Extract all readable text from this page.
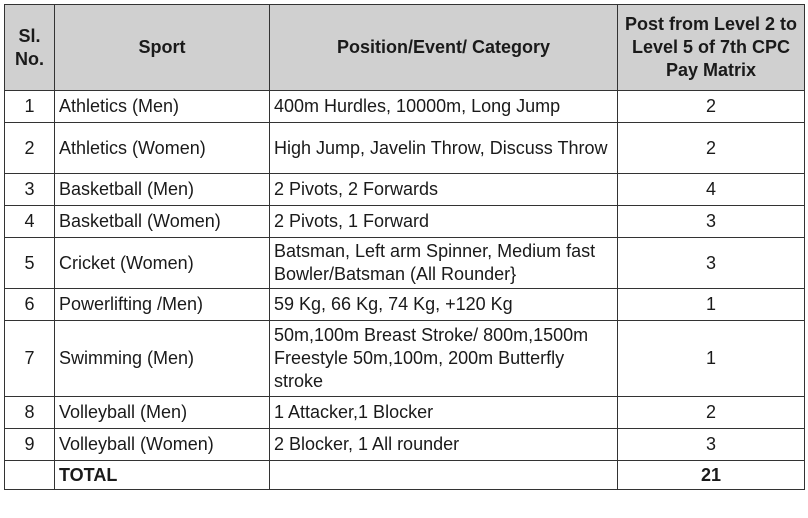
Sl. No.	Sport	Position/Event/ Category	Post from Level 2 to Level 5 of 7th CPC Pay Matrix
1	Athletics (Men)	400m Hurdles, 10000m, Long Jump	2
2	Athletics (Women)	High Jump, Javelin Throw, Discuss Throw	2
3	Basketball (Men)	2 Pivots, 2 Forwards	4
4	Basketball (Women)	2 Pivots, 1 Forward	3
5	Cricket (Women)	Batsman, Left arm Spinner, Medium fast Bowler/Batsman (All Rounder}	3
6	Powerlifting /Men)	59 Kg, 66 Kg, 74 Kg, +120 Kg	1
7	Swimming (Men)	50m,100m Breast Stroke/ 800m,1500m Freestyle 50m,100m, 200m Butterfly stroke	1
8	Volleyball (Men)	1 Attacker,1 Blocker	2
9	Volleyball (Women)	2 Blocker, 1 All rounder	3
	TOTAL		21
